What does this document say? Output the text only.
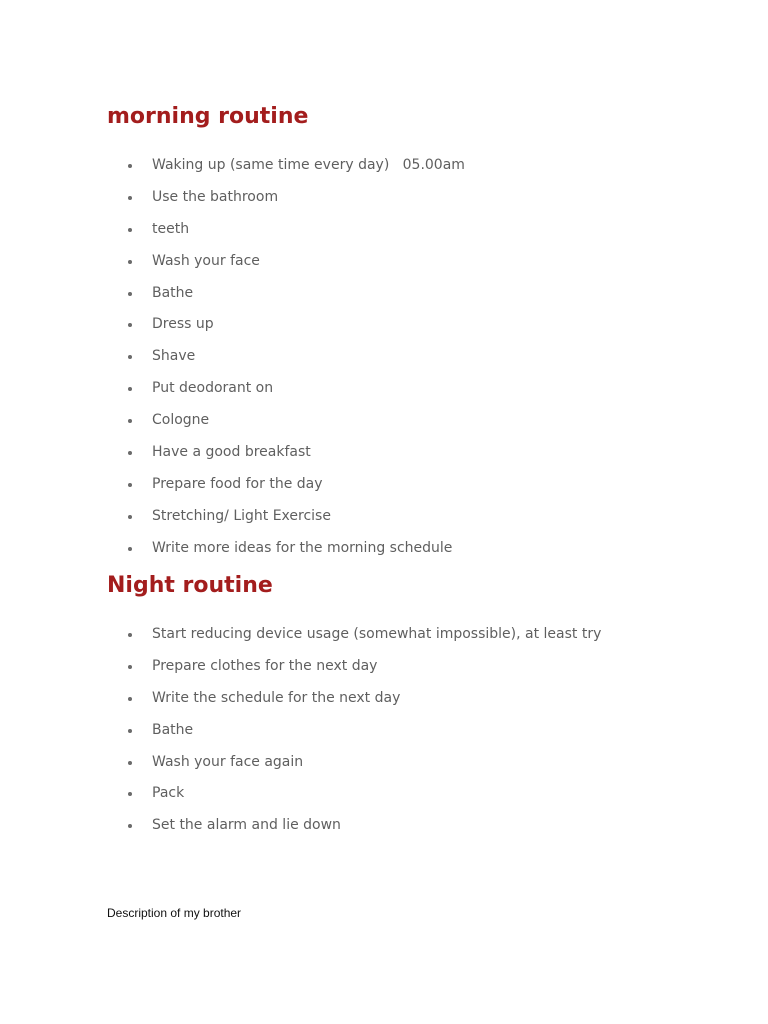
morning routine
Waking up (same time every day)   05.00am
Use the bathroom
teeth
Wash your face
Bathe
Dress up
Shave
Put deodorant on
Cologne
Have a good breakfast
Prepare food for the day
Stretching/ Light Exercise
Write more ideas for the morning schedule
Night routine
Start reducing device usage (somewhat impossible), at least try
Prepare clothes for the next day
Write the schedule for the next day
Bathe
Wash your face again
Pack
Set the alarm and lie down

Description of my brother
